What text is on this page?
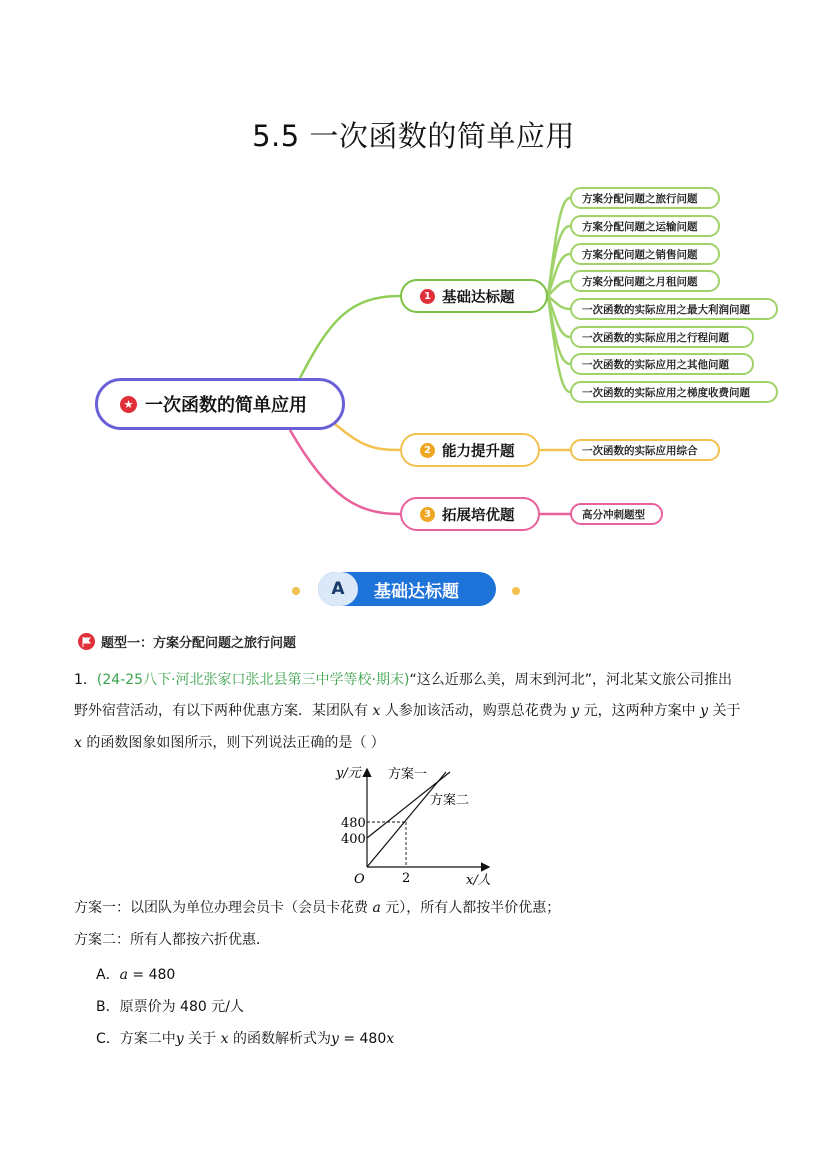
5.5 一次函数的简单应用
★ 一次函数的简单应用
1 基础达标题
2 能力提升题
3 拓展培优题
方案分配问题之旅行问题
方案分配问题之运输问题
方案分配问题之销售问题
方案分配问题之月租问题
一次函数的实际应用之最大利润问题
一次函数的实际应用之行程问题
一次函数的实际应用之其他问题
一次函数的实际应用之梯度收费问题
一次函数的实际应用综合
高分冲刺题型
A	基础达标题
题型一：方案分配问题之旅行问题
1．(24-25八下·河北张家口张北县第三中学等校·期末)“这么近那么美，周末到河北”，河北某文旅公司推出
野外宿营活动，有以下两种优惠方案．某团队有 x 人参加该活动，购票总花费为 y 元，这两种方案中 y 关于
x 的函数图象如图所示，则下列说法正确的是（ ）
y/元
x/人
O
480
400
2
方案一
方案二
方案一：以团队为单位办理会员卡（会员卡花费 a 元），所有人都按半价优惠；
方案二：所有人都按六折优惠．
A．a = 480
B．原票价为 480 元/人
C．方案二中y 关于 x 的函数解析式为y = 480x
